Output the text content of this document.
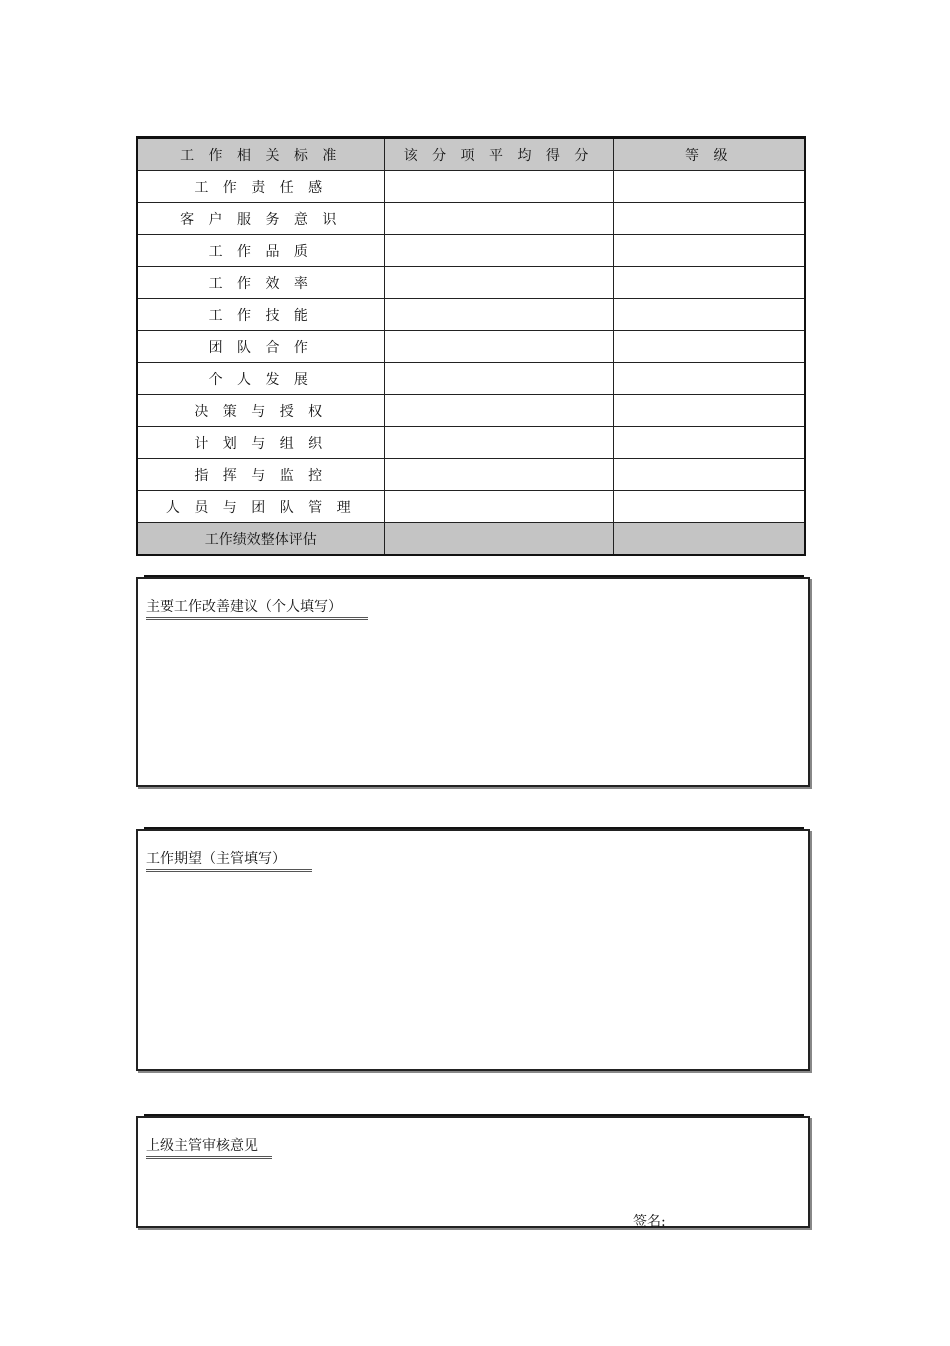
工 作 相 关 标 准	该 分 项 平 均 得 分	等 级
工 作 责 任 感		
客 户 服 务 意 识		
工 作 品 质		
工 作 效 率		
工 作 技 能		
团 队 合 作		
个 人 发 展		
决 策 与 授 权		
计 划 与 组 织		
指 挥 与 监 控		
人 员 与 团 队 管 理		
工作绩效整体评估		
主要工作改善建议（个人填写）
工作期望（主管填写）
上级主管审核意见
签名:
